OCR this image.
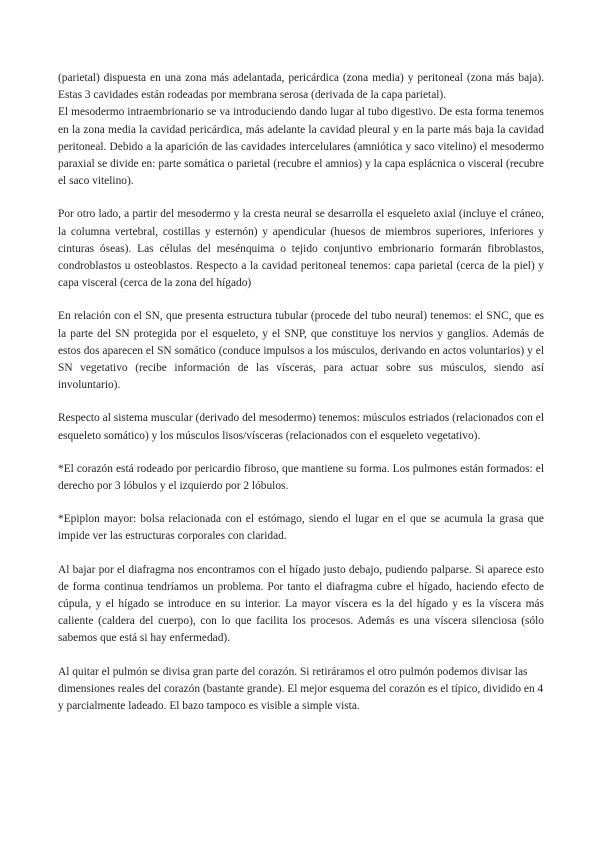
(parietal) dispuesta en una zona más adelantada, pericárdica (zona media) y peritoneal (zona más baja). Estas 3 cavidades están rodeadas por membrana serosa (derivada de la capa parietal).

El mesodermo intraembrionario se va introduciendo dando lugar al tubo digestivo. De esta forma tenemos en la zona media la cavidad pericárdica, más adelante la cavidad pleural y en la parte más baja la cavidad peritoneal. Debido a la aparición de las cavidades intercelulares (amniótica y saco vitelino) el mesodermo paraxial se divide en: parte somática o parietal (recubre el amnios) y la capa esplácnica o visceral (recubre el saco vitelino).

Por otro lado, a partir del mesodermo y la cresta neural se desarrolla el esqueleto axial (incluye el cráneo, la columna vertebral, costillas y esternón) y apendicular (huesos de miembros superiores, inferiores y cinturas óseas). Las células del mesénquima o tejido conjuntivo embrionario formarán fibroblastos, condroblastos u osteoblastos. Respecto a la cavidad peritoneal tenemos: capa parietal (cerca de la piel) y capa visceral (cerca de la zona del hígado)

En relación con el SN, que presenta estructura tubular (procede del tubo neural) tenemos: el SNC, que es la parte del SN protegida por el esqueleto, y el SNP, que constituye los nervios y ganglios. Además de estos dos aparecen el SN somático (conduce impulsos a los músculos, derivando en actos voluntarios) y el SN vegetativo (recibe información de las vísceras, para actuar sobre sus músculos, siendo así involuntario).

Respecto al sistema muscular (derivado del mesodermo) tenemos: músculos estriados (relacionados con el esqueleto somático) y los músculos lisos/vísceras (relacionados con el esqueleto vegetativo).

*El corazón está rodeado por pericardio fibroso, que mantiene su forma. Los pulmones están formados: el derecho por 3 lóbulos y el izquierdo por 2 lóbulos.

*Epiplon mayor: bolsa relacionada con el estómago, siendo el lugar en el que se acumula la grasa que impide ver las estructuras corporales con claridad.

Al bajar por el diafragma nos encontramos con el hígado justo debajo, pudiendo palparse. Si aparece esto de forma continua tendríamos un problema. Por tanto el diafragma cubre el hígado, haciendo efecto de cúpula, y el hígado se introduce en su interior. La mayor víscera es la del hígado y es la víscera más caliente (caldera del cuerpo), con lo que facilita los procesos. Además es una víscera silenciosa (sólo sabemos que está si hay enfermedad).

Al quitar el pulmón se divisa gran parte del corazón. Si retiráramos el otro pulmón podemos divisar las dimensiones reales del corazón (bastante grande). El mejor esquema del corazón es el típico, dividido en 4 y parcialmente ladeado. El bazo tampoco es visible a simple vista.
